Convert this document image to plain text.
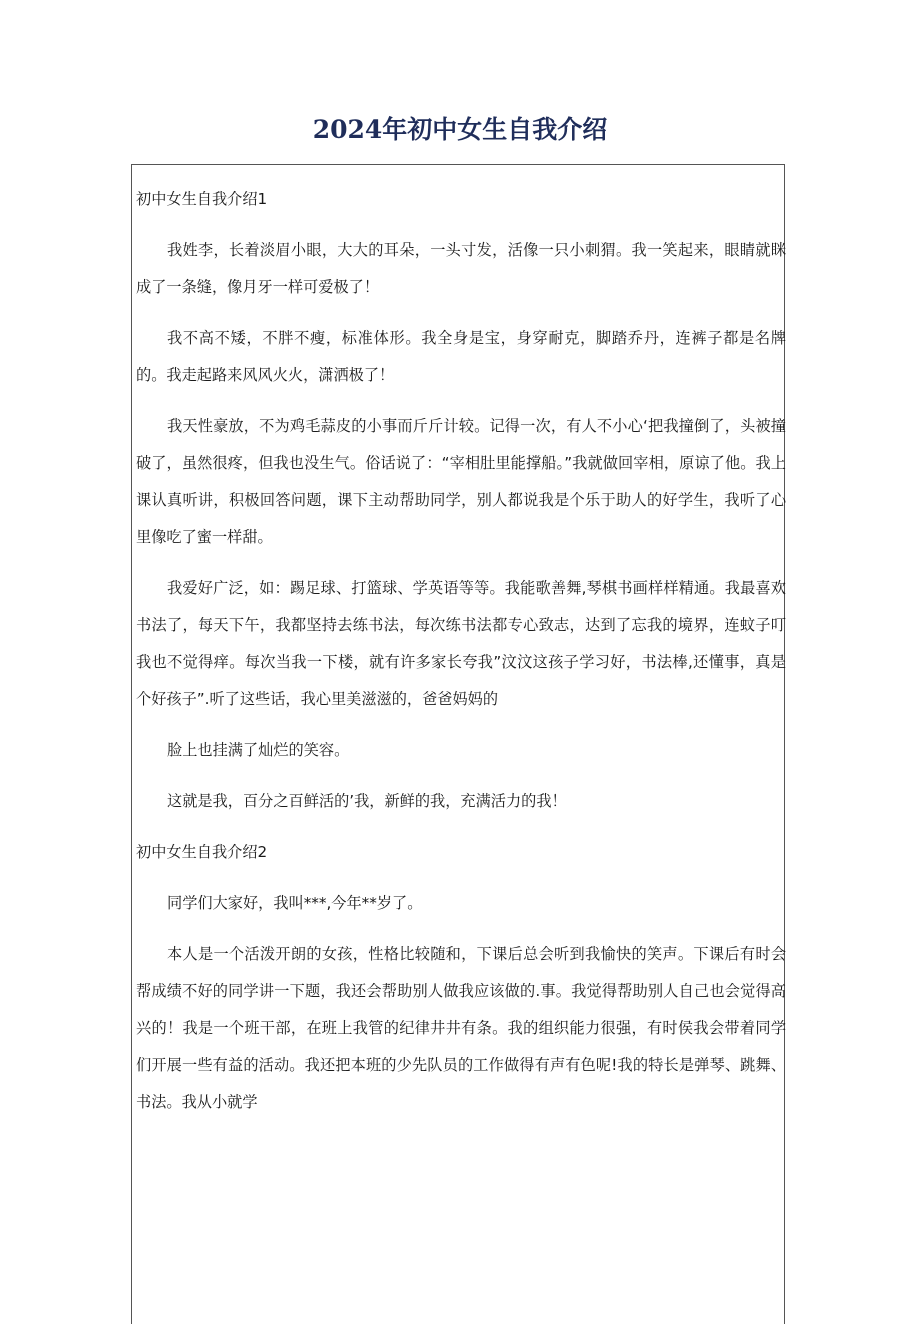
2024年初中女生自我介绍

初中女生自我介绍1

我姓李，长着淡眉小眼，大大的耳朵，一头寸发，活像一只小刺猬。我一笑起来，眼睛就眯成了一条缝，像月牙一样可爱极了！

我不高不矮，不胖不瘦，标准体形。我全身是宝，身穿耐克，脚踏乔丹，连裤子都是名牌的。我走起路来风风火火，潇洒极了！

我天性豪放，不为鸡毛蒜皮的小事而斤斤计较。记得一次，有人不小心‘把我撞倒了，头被撞破了，虽然很疼，但我也没生气。俗话说了：“宰相肚里能撑船。”我就做回宰相，原谅了他。我上课认真听讲，积极回答问题，课下主动帮助同学，别人都说我是个乐于助人的好学生，我听了心里像吃了蜜一样甜。

我爱好广泛，如：踢足球、打篮球、学英语等等。我能歌善舞,琴棋书画样样精通。我最喜欢书法了，每天下午，我都坚持去练书法，每次练书法都专心致志，达到了忘我的境界，连蚊子叮我也不觉得痒。每次当我一下楼，就有许多家长夸我”汶汶这孩子学习好，书法棒,还懂事，真是个好孩子”.听了这些话，我心里美滋滋的，爸爸妈妈的

脸上也挂满了灿烂的笑容。

这就是我，百分之百鲜活的’我，新鲜的我，充满活力的我！

初中女生自我介绍2

同学们大家好，我叫***,今年**岁了。

本人是一个活泼开朗的女孩，性格比较随和，下课后总会听到我愉快的笑声。下课后有时会帮成绩不好的同学讲一下题，我还会帮助别人做我应该做的.事。我觉得帮助别人自己也会觉得高兴的！我是一个班干部，在班上我管的纪律井井有条。我的组织能力很强，有时侯我会带着同学们开展一些有益的活动。我还把本班的少先队员的工作做得有声有色呢!我的特长是弹琴、跳舞、书法。我从小就学
